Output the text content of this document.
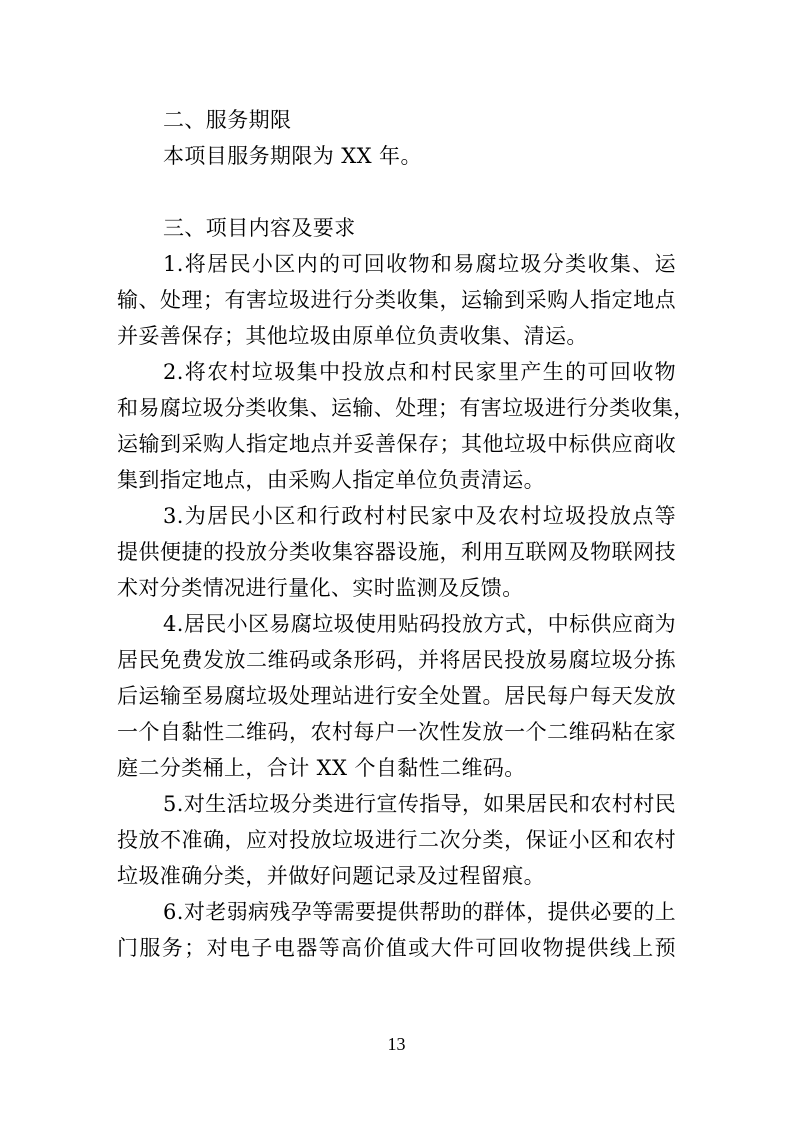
二、服务期限
本项目服务期限为 XX 年。
三、项目内容及要求
1.将居民小区内的可回收物和易腐垃圾分类收集、运
输、处理；有害垃圾进行分类收集，运输到采购人指定地点
并妥善保存；其他垃圾由原单位负责收集、清运。
2.将农村垃圾集中投放点和村民家里产生的可回收物
和易腐垃圾分类收集、运输、处理；有害垃圾进行分类收集，
运输到采购人指定地点并妥善保存；其他垃圾中标供应商收
集到指定地点，由采购人指定单位负责清运。
3.为居民小区和行政村村民家中及农村垃圾投放点等
提供便捷的投放分类收集容器设施，利用互联网及物联网技
术对分类情况进行量化、实时监测及反馈。
4.居民小区易腐垃圾使用贴码投放方式，中标供应商为
居民免费发放二维码或条形码，并将居民投放易腐垃圾分拣
后运输至易腐垃圾处理站进行安全处置。居民每户每天发放
一个自黏性二维码，农村每户一次性发放一个二维码粘在家
庭二分类桶上，合计 XX 个自黏性二维码。
5.对生活垃圾分类进行宣传指导，如果居民和农村村民
投放不准确，应对投放垃圾进行二次分类，保证小区和农村
垃圾准确分类，并做好问题记录及过程留痕。
6.对老弱病残孕等需要提供帮助的群体，提供必要的上
门服务；对电子电器等高价值或大件可回收物提供线上预
13
